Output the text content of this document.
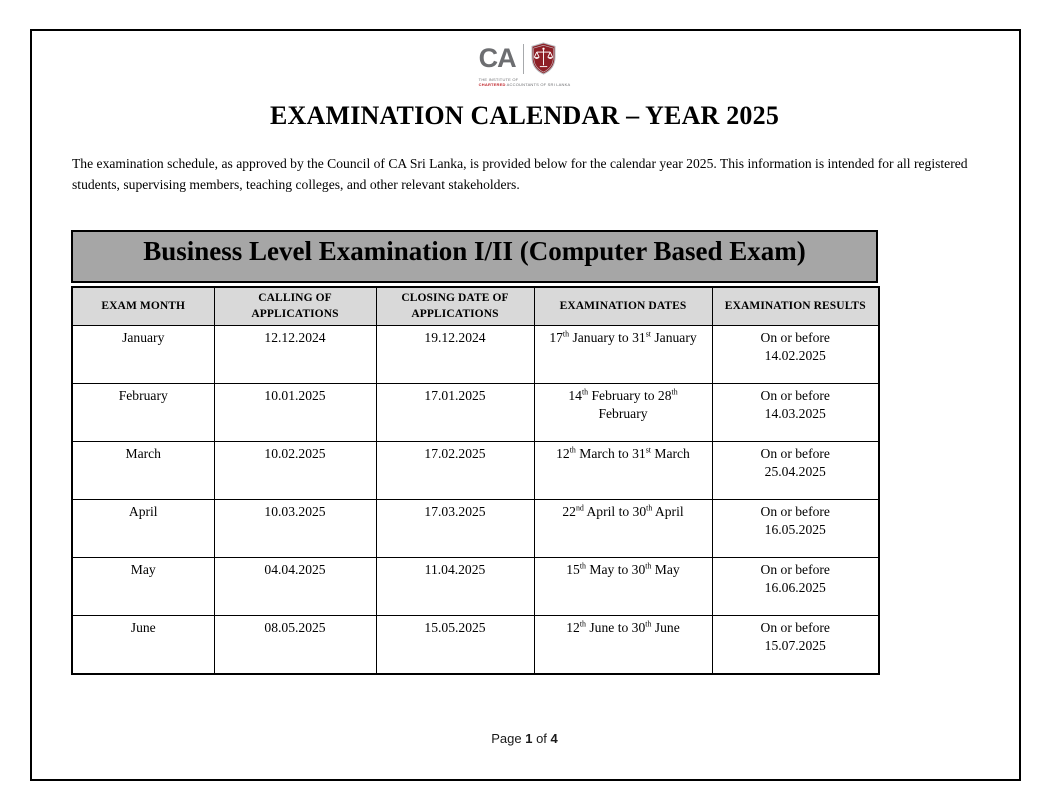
CA
THE INSTITUTE OF
CHARTERED ACCOUNTANTS OF SRI LANKA
EXAMINATION CALENDAR – YEAR 2025
The examination schedule, as approved by the Council of CA Sri Lanka, is provided below for the calendar year 2025. This information is intended for all registered students, supervising members, teaching colleges, and other relevant stakeholders.
Business Level Examination I/II (Computer Based Exam)
EXAM MONTH	CALLING OF APPLICATIONS	CLOSING DATE OF APPLICATIONS	EXAMINATION DATES	EXAMINATION RESULTS
January	12.12.2024	19.12.2024	17th January to 31st January	On or before
14.02.2025

February	10.01.2025	17.01.2025	14th February to 28th February	On or before
14.03.2025

March	10.02.2025	17.02.2025	12th March to 31st March	On or before
25.04.2025

April	10.03.2025	17.03.2025	22nd April to 30th April	On or before
16.05.2025

May	04.04.2025	11.04.2025	15th May to 30th May	On or before
16.06.2025

June	08.05.2025	15.05.2025	12th June to 30th June	On or before
15.07.2025
Page 1 of 4
